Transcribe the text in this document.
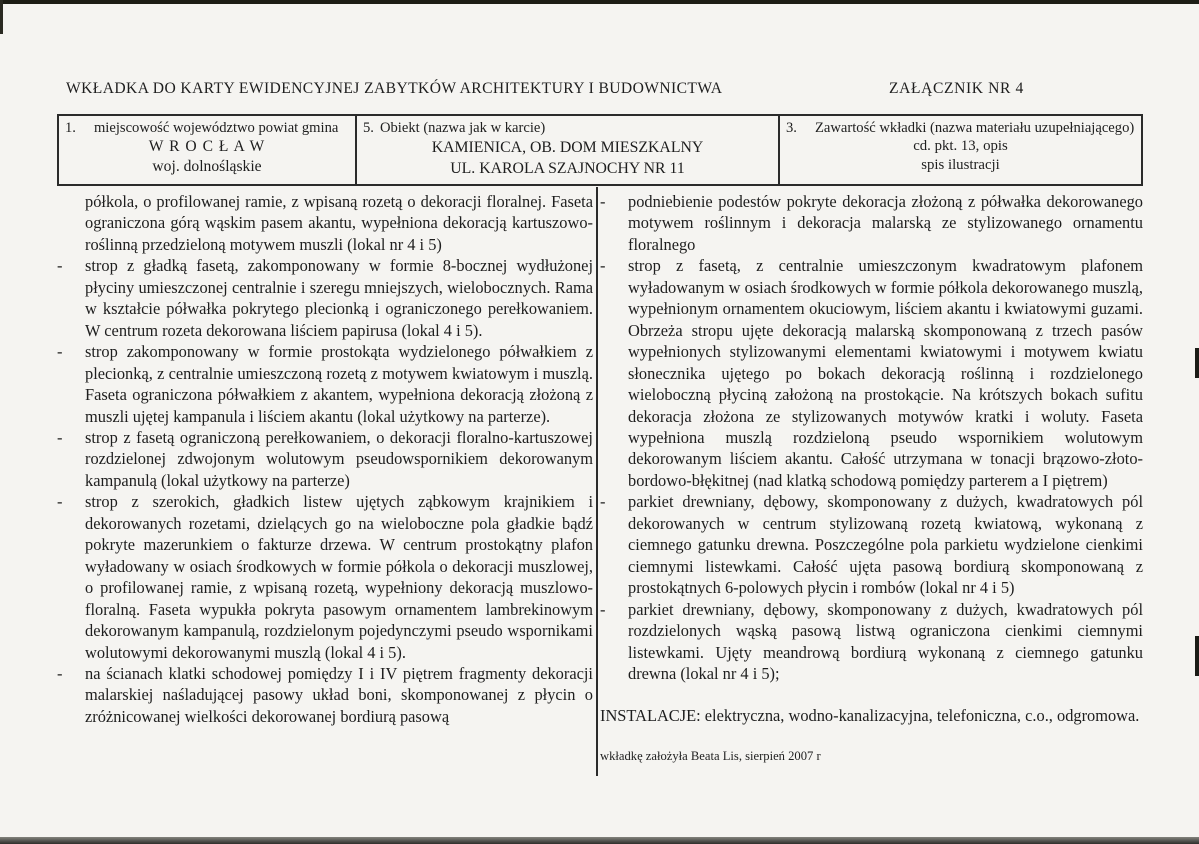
WKŁADKA DO KARTY EWIDENCYJNEJ ZABYTKÓW ARCHITEKTURY I BUDOWNICTWA	ZAŁĄCZNIK NR 4
1. miejscowość województwo powiat gmina
W R O C Ł A W
woj. dolnośląskie
5. Obiekt (nazwa jak w karcie)
KAMIENICA, OB. DOM MIESZKALNY
UL. KAROLA SZAJNOCHY NR 11
3. Zawartość wkładki (nazwa materiału uzupełniającego)
cd. pkt. 13, opis
spis ilustracji
półkola, o profilowanej ramie, z wpisaną rozetą o dekoracji floralnej. Faseta ograniczona górą wąskim pasem akantu, wypełniona dekoracją kartuszowo-roślinną przedzieloną motywem muszli (lokal nr 4 i 5)
-	strop z gładką fasetą, zakomponowany w formie 8-bocznej wydłużonej płyciny umieszczonej centralnie i szeregu mniejszych, wielobocznych. Rama w kształcie półwałka pokrytego plecionką i ograniczonego perełkowaniem. W centrum rozeta dekorowana liściem papirusa (lokal 4 i 5).
-	strop zakomponowany w formie prostokąta wydzielonego półwałkiem z plecionką, z centralnie umieszczoną rozetą z motywem kwiatowym i muszlą. Faseta ograniczona półwałkiem z akantem, wypełniona dekoracją złożoną z muszli ujętej kampanula i liściem akantu (lokal użytkowy na parterze).
-	strop z fasetą ograniczoną perełkowaniem, o dekoracji floralno-kartuszowej rozdzielonej zdwojonym wolutowym pseudowspornikiem dekorowanym kampanulą (lokal użytkowy na parterze)
-	strop z szerokich, gładkich listew ujętych ząbkowym krajnikiem i dekorowanych rozetami, dzielących go na wieloboczne pola gładkie bądź pokryte mazerunkiem o fakturze drzewa. W centrum prostokątny plafon wyładowany w osiach środkowych w formie półkola o dekoracji muszlowej, o profilowanej ramie, z wpisaną rozetą, wypełniony dekoracją muszlowo-floralną. Faseta wypukła pokryta pasowym ornamentem lambrekinowym dekorowanym kampanulą, rozdzielonym pojedynczymi pseudo wspornikami wolutowymi dekorowanymi muszlą (lokal 4 i 5).
-	na ścianach klatki schodowej pomiędzy I i IV piętrem fragmenty dekoracji malarskiej naśladującej pasowy układ boni, skomponowanej z płycin o zróżnicowanej wielkości dekorowanej bordiurą pasową
-	podniebienie podestów pokryte dekoracja złożoną z półwałka dekorowanego motywem roślinnym i dekoracja malarską ze stylizowanego ornamentu floralnego
-	strop z fasetą, z centralnie umieszczonym kwadratowym plafonem wyładowanym w osiach środkowych w formie półkola dekorowanego muszlą, wypełnionym ornamentem okuciowym, liściem akantu i kwiatowymi guzami. Obrzeża stropu ujęte dekoracją malarską skomponowaną z trzech pasów wypełnionych stylizowanymi elementami kwiatowymi i motywem kwiatu słonecznika ujętego po bokach dekoracją roślinną i rozdzielonego wieloboczną płyciną założoną na prostokącie. Na krótszych bokach sufitu dekoracja złożona ze stylizowanych motywów kratki i woluty. Faseta wypełniona muszlą rozdzieloną pseudo wspornikiem wolutowym dekorowanym liściem akantu. Całość utrzymana w tonacji brązowo-złoto-bordowo-błękitnej (nad klatką schodową pomiędzy parterem a I piętrem)
-	parkiet drewniany, dębowy, skomponowany z dużych, kwadratowych pól dekorowanych w centrum stylizowaną rozetą kwiatową, wykonaną z ciemnego gatunku drewna. Poszczególne pola parkietu wydzielone cienkimi ciemnymi listewkami. Całość ujęta pasową bordiurą skomponowaną z prostokątnych 6-polowych płycin i rombów (lokal nr 4 i 5)
-	parkiet drewniany, dębowy, skomponowany z dużych, kwadratowych pól rozdzielonych wąską pasową listwą ograniczona cienkimi ciemnymi listewkami. Ujęty meandrową bordiurą wykonaną z ciemnego gatunku drewna (lokal nr 4 i 5);
INSTALACJE: elektryczna, wodno-kanalizacyjna, telefoniczna, c.o., odgromowa.
wkładkę założyła Beata Lis, sierpień 2007 r
